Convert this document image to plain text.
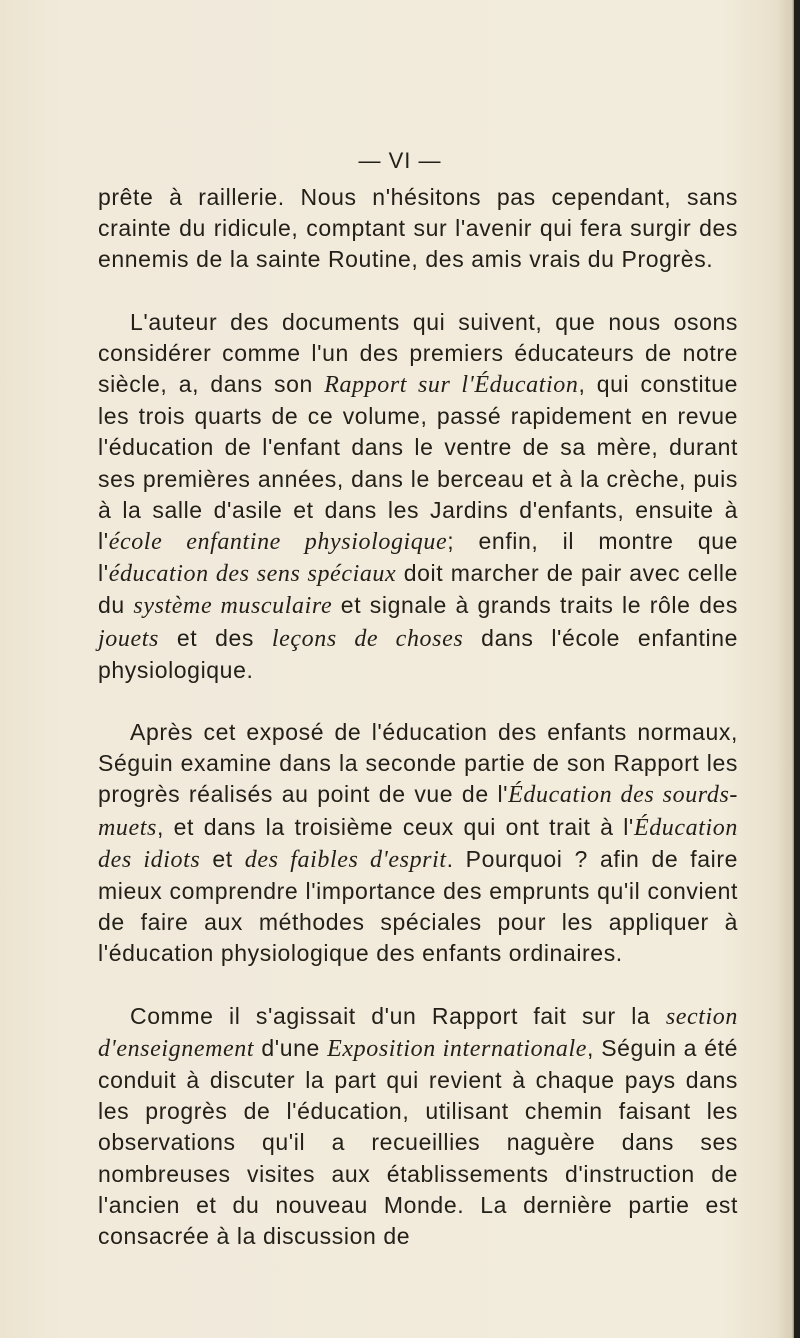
— VI —

prête à raillerie. Nous n'hésitons pas cependant, sans crainte du ridicule, comptant sur l'avenir qui fera surgir des ennemis de la sainte Routine, des amis vrais du Progrès.

L'auteur des documents qui suivent, que nous osons considérer comme l'un des premiers éducateurs de notre siècle, a, dans son Rapport sur l'Éducation, qui constitue les trois quarts de ce volume, passé rapidement en revue l'éducation de l'enfant dans le ventre de sa mère, durant ses premières années, dans le berceau et à la crèche, puis à la salle d'asile et dans les Jardins d'enfants, ensuite à l'école enfantine physiologique; enfin, il montre que l'éducation des sens spéciaux doit marcher de pair avec celle du système musculaire et signale à grands traits le rôle des jouets et des leçons de choses dans l'école enfantine physiologique.

Après cet exposé de l'éducation des enfants normaux, Séguin examine dans la seconde partie de son Rapport les progrès réalisés au point de vue de l'Éducation des sourds-muets, et dans la troisième ceux qui ont trait à l'Éducation des idiots et des faibles d'esprit. Pourquoi ? afin de faire mieux comprendre l'importance des emprunts qu'il convient de faire aux méthodes spéciales pour les appliquer à l'éducation physiologique des enfants ordinaires.

Comme il s'agissait d'un Rapport fait sur la section d'enseignement d'une Exposition internationale, Séguin a été conduit à discuter la part qui revient à chaque pays dans les progrès de l'éducation, utilisant chemin faisant les observations qu'il a recueillies naguère dans ses nombreuses visites aux établissements d'instruction de l'ancien et du nouveau Monde. La dernière partie est consacrée à la discussion de
